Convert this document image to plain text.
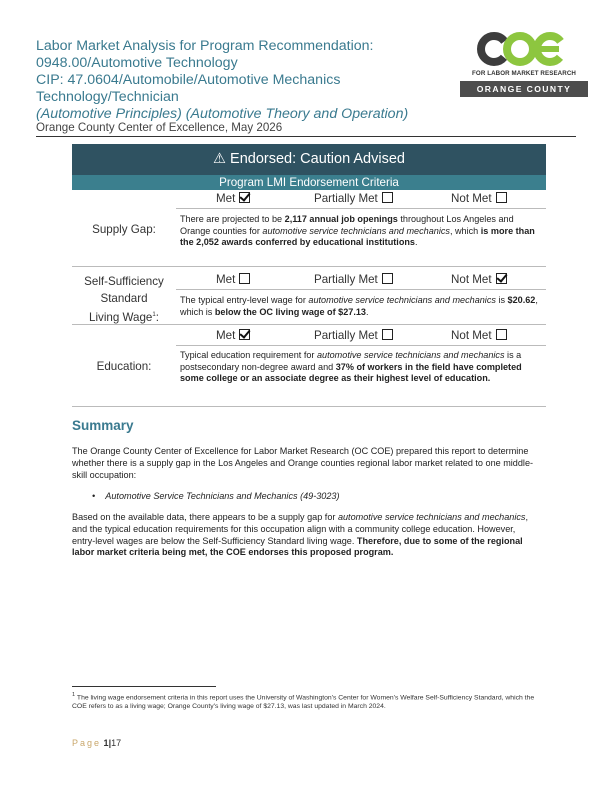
Labor Market Analysis for Program Recommendation:
0948.00/Automotive Technology
CIP: 47.0604/Automobile/Automotive Mechanics
Technology/Technician
(Automotive Principles) (Automotive Theory and Operation)
Orange County Center of Excellence, May 2026
FOR LABOR MARKET RESEARCH
ORANGE COUNTY
⚠ Endorsed: Caution Advised
Program LMI Endorsement Criteria
Met	Partially Met	Not Met
Supply Gap:
There are projected to be 2,117 annual job openings throughout Los Angeles and Orange counties for automotive service technicians and mechanics, which is more than the 2,052 awards conferred by educational institutions.
Self-Sufficiency
Standard
Living Wage$^1$:
Met	Partially Met	Not Met
The typical entry-level wage for automotive service technicians and mechanics is $20.62, which is below the OC living wage of $27.13.
Met	Partially Met	Not Met
Education:
Typical education requirement for automotive service technicians and mechanics is a postsecondary non-degree award and 37% of workers in the field have completed some college or an associate degree as their highest level of education.
Summary
The Orange County Center of Excellence for Labor Market Research (OC COE) prepared this report to determine whether there is a supply gap in the Los Angeles and Orange counties regional labor market related to one middle-skill occupation:
•    Automotive Service Technicians and Mechanics (49-3023)
Based on the available data, there appears to be a supply gap for automotive service technicians and mechanics, and the typical education requirements for this occupation align with a community college education. However, entry-level wages are below the Self-Sufficiency Standard living wage. Therefore, due to some of the regional labor market criteria being met, the COE endorses this proposed program.
$^1$ The living wage endorsement criteria in this report uses the University of Washington's Center for Women's Welfare Self-Sufficiency Standard, which the COE refers to as a living wage; Orange County's living wage of $27.13, was last updated in March 2024.
Page 1|17
